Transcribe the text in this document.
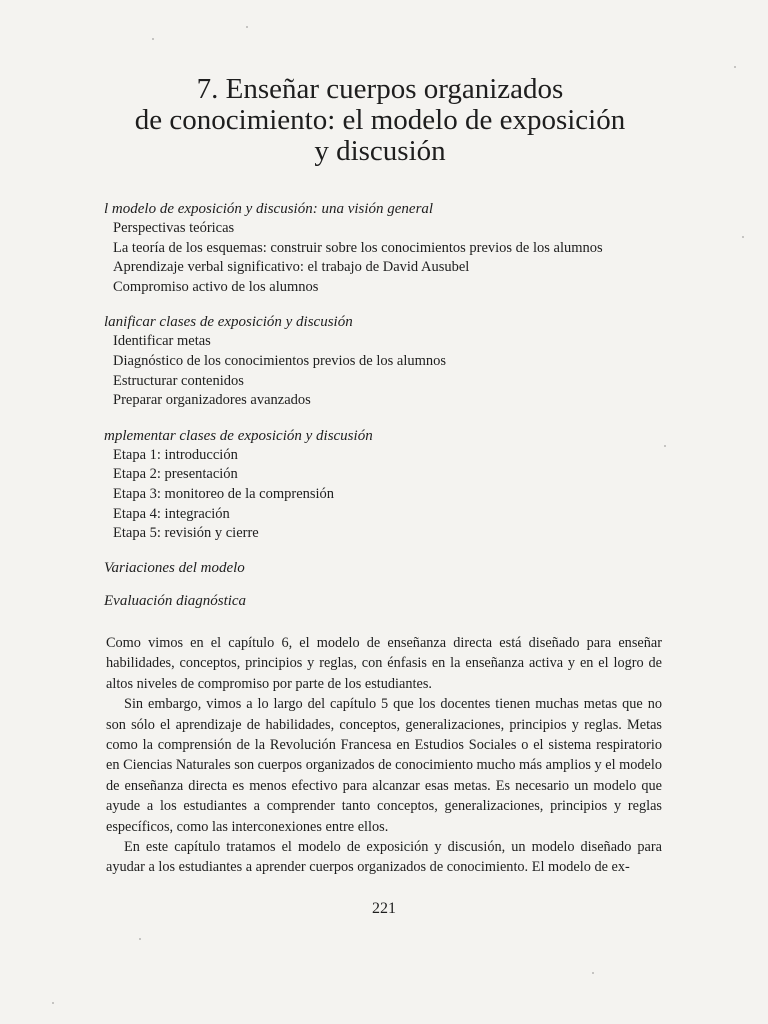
7. Enseñar cuerpos organizados
de conocimiento: el modelo de exposición
y discusión
l modelo de exposición y discusión: una visión general
Perspectivas teóricas
La teoría de los esquemas: construir sobre los conocimientos previos de los alumnos
Aprendizaje verbal significativo: el trabajo de David Ausubel
Compromiso activo de los alumnos
lanificar clases de exposición y discusión
Identificar metas
Diagnóstico de los conocimientos previos de los alumnos
Estructurar contenidos
Preparar organizadores avanzados
mplementar clases de exposición y discusión
Etapa 1: introducción
Etapa 2: presentación
Etapa 3: monitoreo de la comprensión
Etapa 4: integración
Etapa 5: revisión y cierre
Variaciones del modelo
Evaluación diagnóstica

Como vimos en el capítulo 6, el modelo de enseñanza directa está diseñado para enseñar habilidades, conceptos, principios y reglas, con énfasis en la enseñanza activa y en el logro de altos niveles de compromiso por parte de los estudiantes.

Sin embargo, vimos a lo largo del capítulo 5 que los docentes tienen muchas metas que no son sólo el aprendizaje de habilidades, conceptos, generalizaciones, principios y reglas. Metas como la comprensión de la Revolución Francesa en Estudios Sociales o el sistema respiratorio en Ciencias Naturales son cuerpos organizados de conocimiento mucho más amplios y el modelo de enseñanza directa es menos efectivo para alcanzar esas metas. Es necesario un modelo que ayude a los estudiantes a comprender tanto conceptos, generalizaciones, principios y reglas específicos, como las interconexiones entre ellos.

En este capítulo tratamos el modelo de exposición y discusión, un modelo diseñado para ayudar a los estudiantes a aprender cuerpos organizados de conocimiento. El modelo de ex-

221
